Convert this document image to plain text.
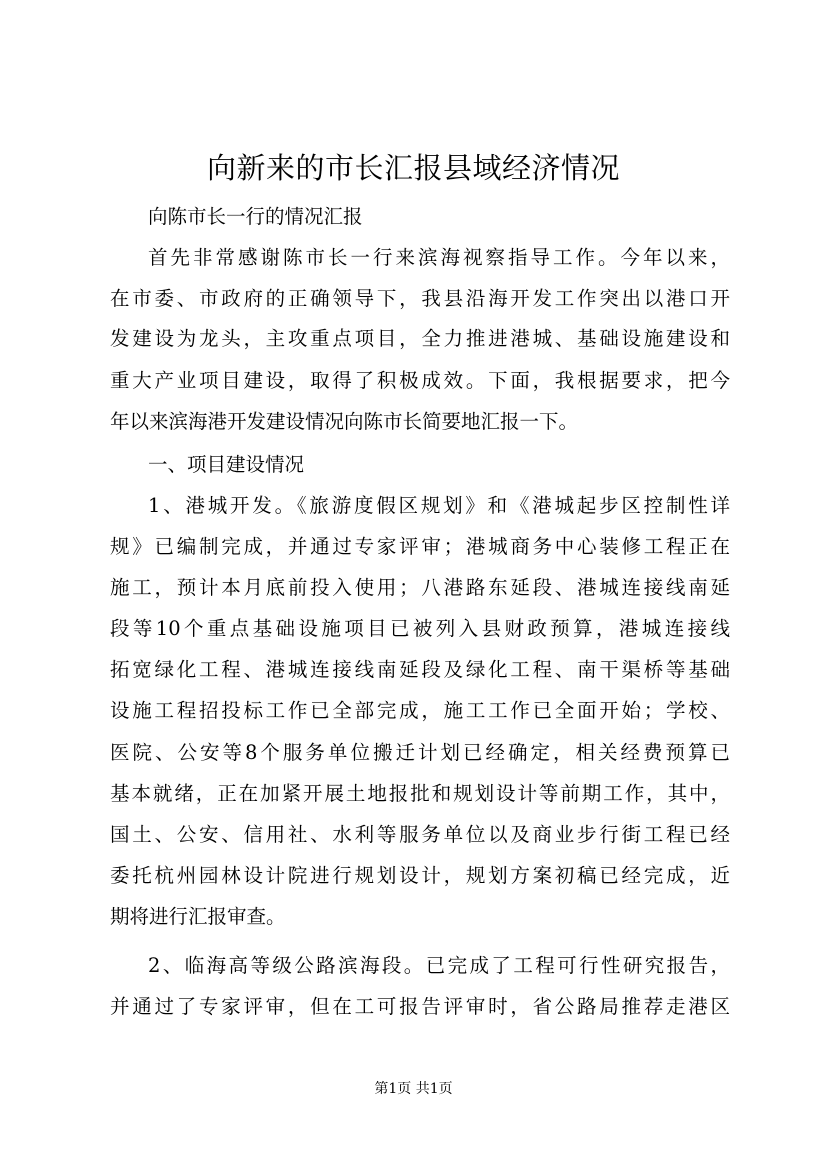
向新来的市长汇报县域经济情况
向陈市长一行的情况汇报
首先非常感谢陈市长一行来滨海视察指导工作。今年以来，
在市委、市政府的正确领导下，我县沿海开发工作突出以港口开
发建设为龙头，主攻重点项目，全力推进港城、基础设施建设和
重大产业项目建设，取得了积极成效。下面，我根据要求，把今
年以来滨海港开发建设情况向陈市长简要地汇报一下。
一、项目建设情况
1、港城开发。《旅游度假区规划》和《港城起步区控制性详
规》已编制完成，并通过专家评审；港城商务中心装修工程正在
施工，预计本月底前投入使用；八港路东延段、港城连接线南延
段等10个重点基础设施项目已被列入县财政预算，港城连接线
拓宽绿化工程、港城连接线南延段及绿化工程、南干渠桥等基础
设施工程招投标工作已全部完成，施工工作已全面开始；学校、
医院、公安等8个服务单位搬迁计划已经确定，相关经费预算已
基本就绪，正在加紧开展土地报批和规划设计等前期工作，其中，
国土、公安、信用社、水利等服务单位以及商业步行街工程已经
委托杭州园林设计院进行规划设计，规划方案初稿已经完成，近
期将进行汇报审查。
2、临海高等级公路滨海段。已完成了工程可行性研究报告，
并通过了专家评审，但在工可报告评审时，省公路局推荐走港区
第1页 共1页
